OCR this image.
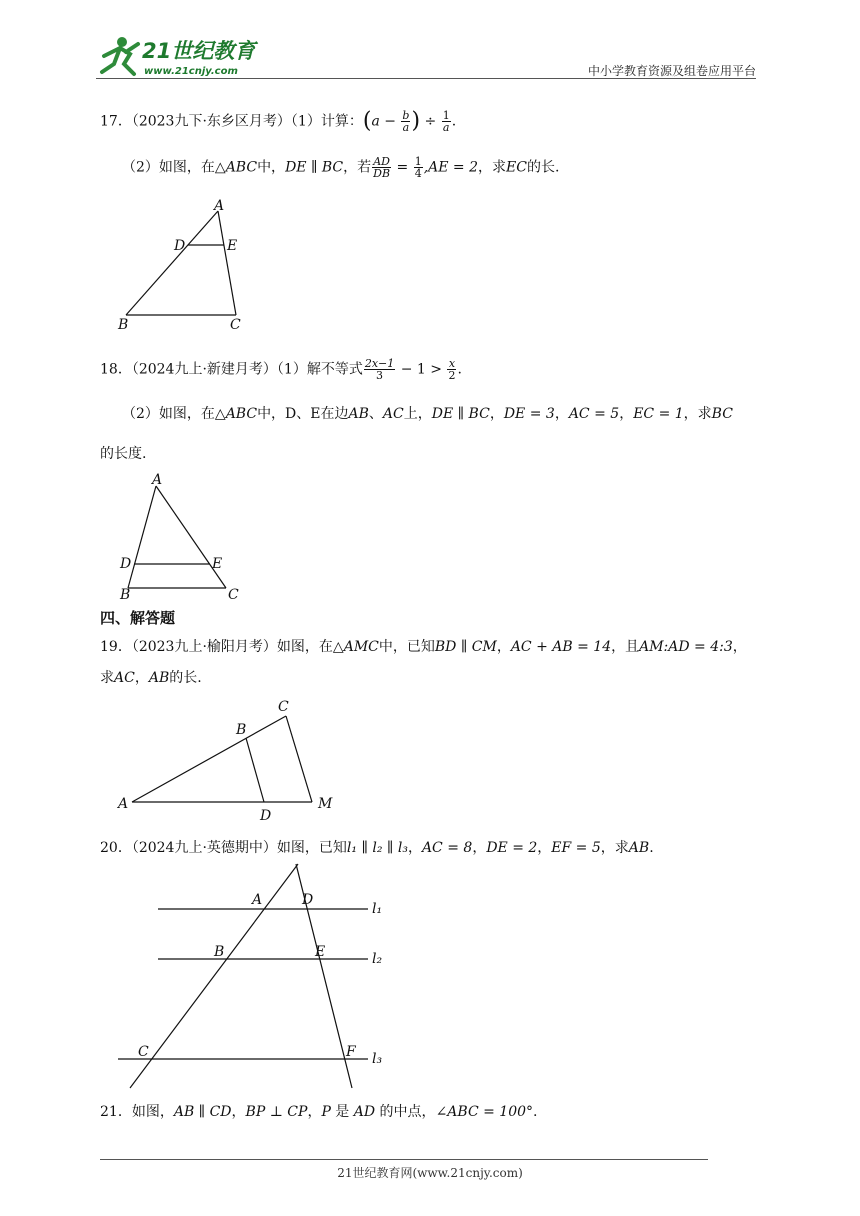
21世纪教育
www.21cnjy.com	中小学教育资源及组卷应用平台
17．（2023九下·东乡区月考）（1）计算：($a - \frac{b}{a}$ ) ÷ $\frac{1}{a}$ .
（2）如图，在△ABC中，DE ∥ BC，若 $\frac{AD}{DB} = \frac{1}{4} ,AE = 2$，求EC的长.
A
D	E
B	C
18．（2024九上·新建月考）（1）解不等式 $\frac{2x-1}{3} - 1 > \frac{x}{2}$ .
（2）如图，在△ABC中，D、E在边AB、AC上，DE ∥ BC，DE = 3，AC = 5，EC = 1，求BC
的长度.
A
D	E
B	C
四、解答题
19．（2023九上·榆阳月考）如图，在△AMC中，已知BD ∥ CM，AC + AB = 14，且AM:AD = 4:3，
求AC，AB的长.
A
B
C
D
M
20．（2024九上·英德期中）如图，已知l₁ ∥ l₂ ∥ l₃，AC = 8，DE = 2，EF = 5，求AB.
A	D
B	E
C	F
l₁
l₂
l₃
21．如图，AB ∥ CD，BP ⊥ CP，P 是 AD 的中点，∠ABC = 100°.
21世纪教育网(www.21cnjy.com)
